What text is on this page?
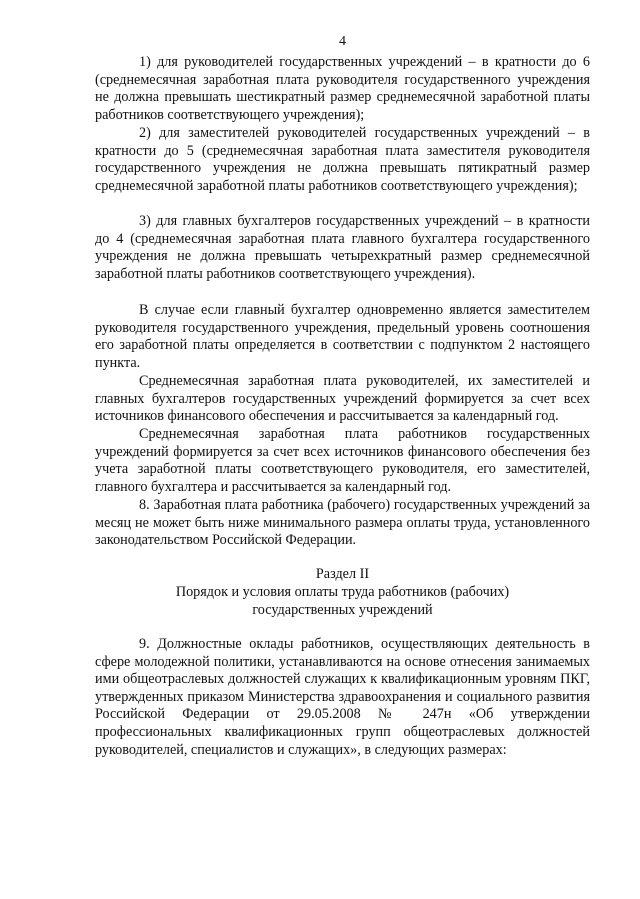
4

1) для руководителей государственных учреждений – в кратности до 6 (среднемесячная заработная плата руководителя государственного учреждения не должна превышать шестикратный размер среднемесячной заработной платы работников соответствующего учреждения);

2) для заместителей руководителей государственных учреждений – в кратности до 5 (среднемесячная заработная плата заместителя руководителя государственного учреждения не должна превышать пятикратный размер среднемесячной заработной платы работников соответствующего учреждения);

3) для главных бухгалтеров государственных учреждений – в кратности до 4 (среднемесячная заработная плата главного бухгалтера государственного учреждения не должна превышать четырехкратный размер среднемесячной заработной платы работников соответствующего учреждения).

В случае если главный бухгалтер одновременно является заместителем руководителя государственного учреждения, предельный уровень соотношения его заработной платы определяется в соответствии с подпунктом 2 настоящего пункта.

Среднемесячная заработная плата руководителей, их заместителей и главных бухгалтеров государственных учреждений формируется за счет всех источников финансового обеспечения и рассчитывается за календарный год.

Среднемесячная заработная плата работников государственных учреждений формируется за счет всех источников финансового обеспечения без учета заработной платы соответствующего руководителя, его заместителей, главного бухгалтера и рассчитывается за календарный год.

8. Заработная плата работника (рабочего) государственных учреждений за месяц не может быть ниже минимального размера оплаты труда, установленного законодательством Российской Федерации.

Раздел II
Порядок и условия оплаты труда работников (рабочих)
государственных учреждений

9. Должностные оклады работников, осуществляющих деятельность в сфере молодежной политики, устанавливаются на основе отнесения занимаемых ими общеотраслевых должностей служащих к квалификационным уровням ПКГ, утвержденных приказом Министерства здравоохранения и социального развития Российской Федерации от 29.05.2008 № 247н «Об утверждении профессиональных квалификационных групп общеотраслевых должностей руководителей, специалистов и служащих», в следующих размерах:
